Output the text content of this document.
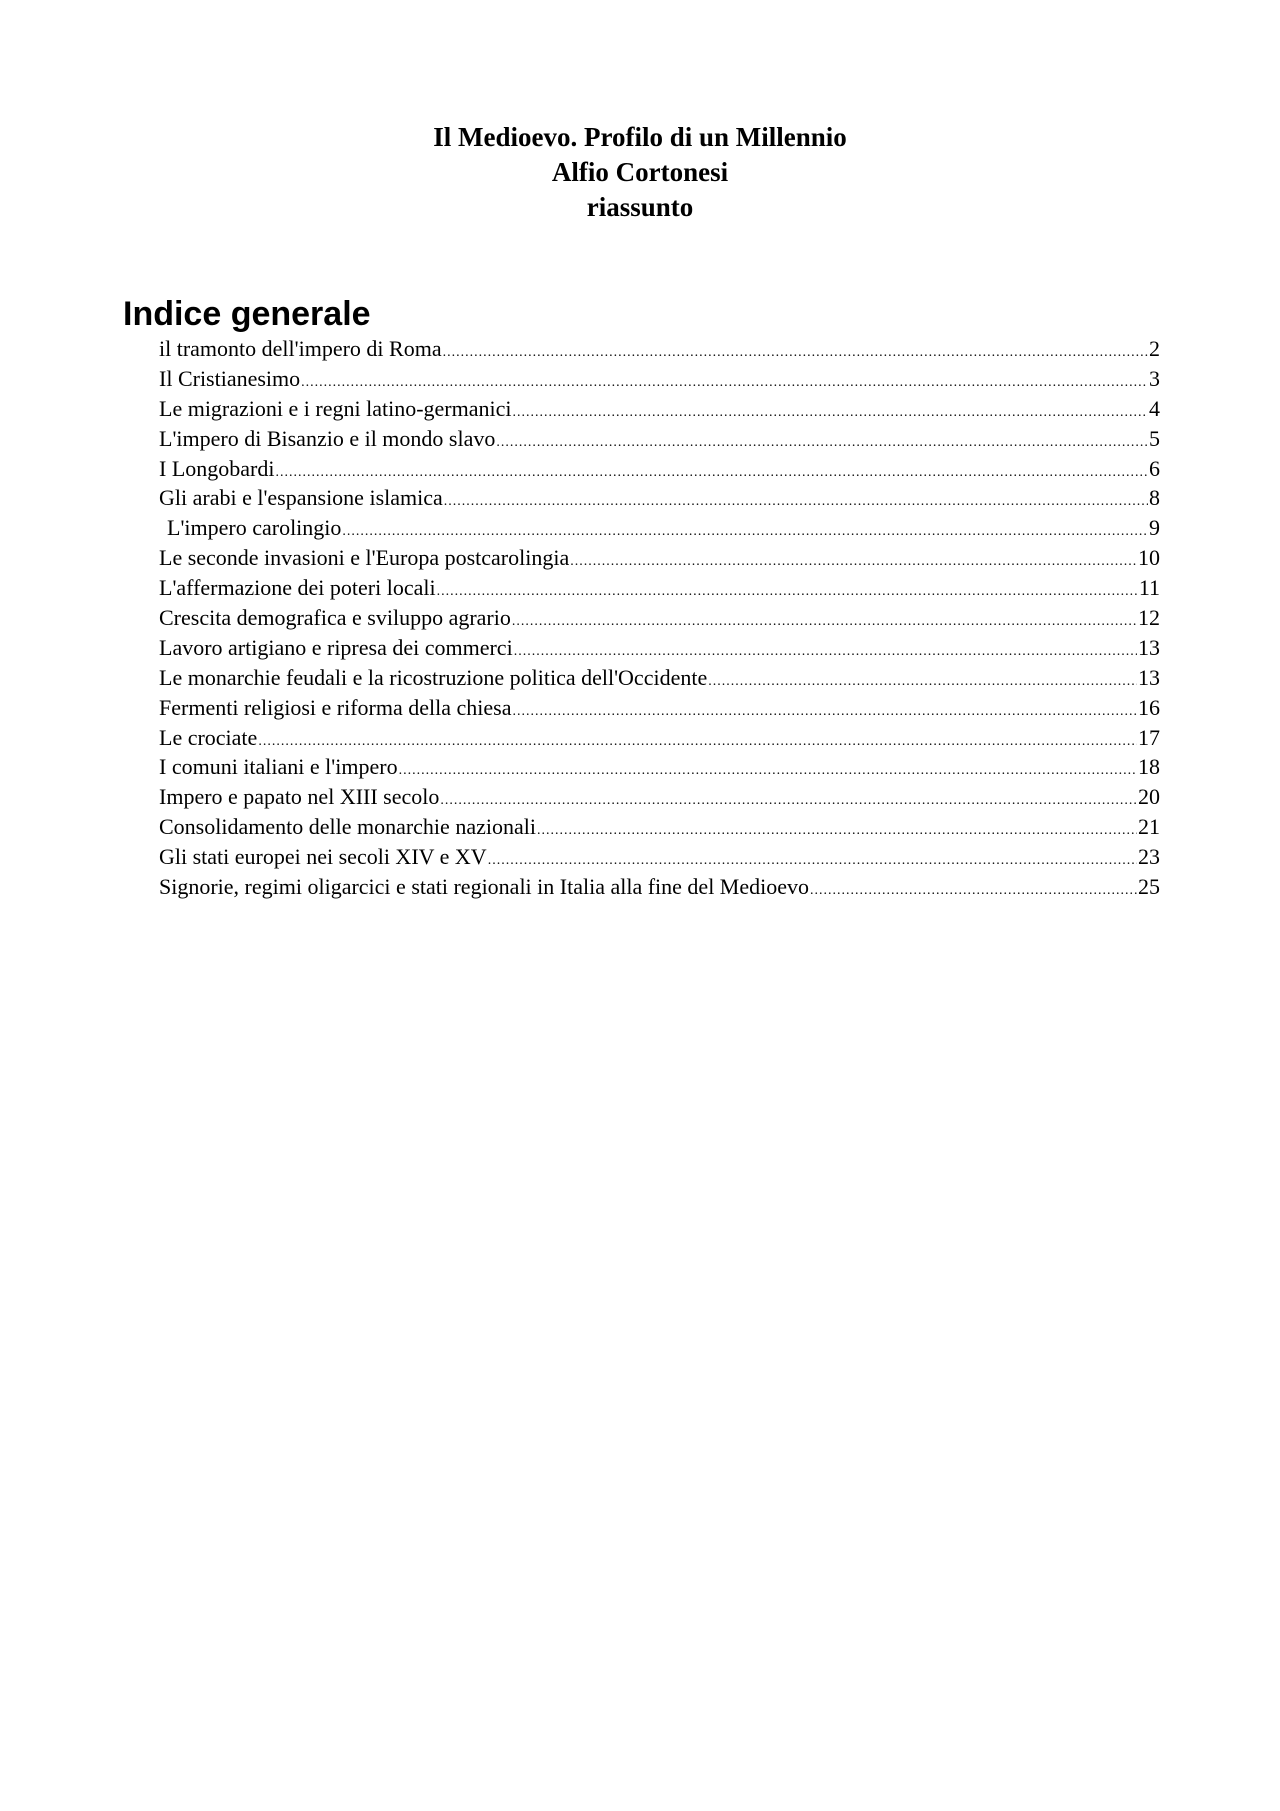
Il Medioevo. Profilo di un Millennio
Alfio Cortonesi
riassunto
Indice generale
il tramonto dell'impero di Roma .....	2
Il Cristianesimo .....	3
Le migrazioni e i regni latino-germanici .....	4
L'impero di Bisanzio e il mondo slavo .....	5
I Longobardi .....	6
Gli arabi e l'espansione islamica .....	8
L'impero carolingio .....	9
Le seconde invasioni e l'Europa postcarolingia .....	10
L'affermazione dei poteri locali .....	11
Crescita demografica e sviluppo agrario .....	12
Lavoro artigiano e ripresa dei commerci .....	13
Le monarchie feudali e la ricostruzione politica dell'Occidente .....	13
Fermenti religiosi e riforma della chiesa .....	16
Le crociate .....	17
I comuni italiani e l'impero .....	18
Impero e papato nel XIII secolo .....	20
Consolidamento delle monarchie nazionali .....	21
Gli stati europei nei secoli XIV e XV .....	23
Signorie, regimi oligarcici e stati regionali in Italia alla fine del Medioevo .....	25
